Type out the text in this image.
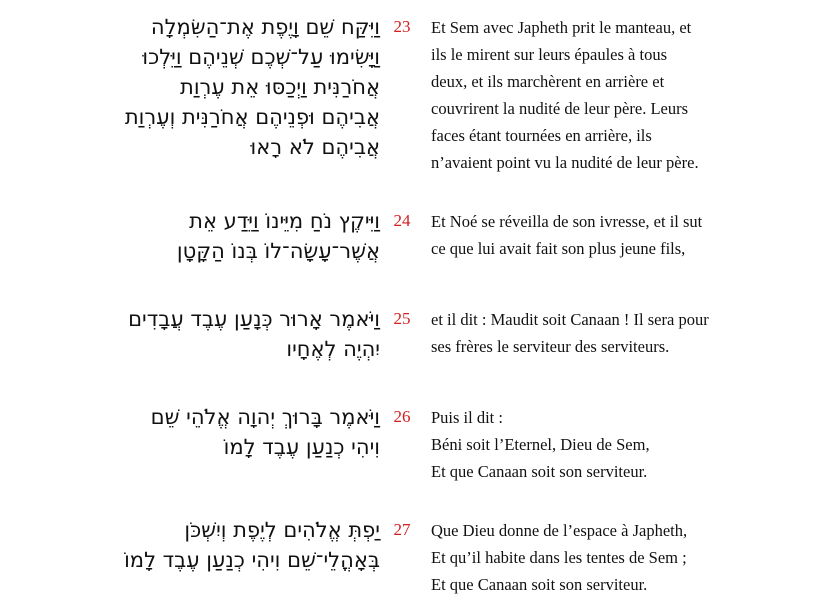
וַיִּקַּח שֵׁם וָיֶפֶת אֶת־הַשִּׂמְלָה
וַיָּשִׂימוּ עַל־שְׁכֶם שְׁנֵיהֶם וַיֵּלְכוּ
אֲחֹרַנִּית וַיְכַסּוּ אֵת עֶרְוַת
אֲבִיהֶם וּפְנֵיהֶם אֲחֹרַנִּית וְעֶרְוַת
אֲבִיהֶם לֹא רָאוּ
23	Et Sem avec Japheth prit le manteau, et
ils le mirent sur leurs épaules à tous
deux, et ils marchèrent en arrière et
couvrirent la nudité de leur père. Leurs
faces étant tournées en arrière, ils
n’avaient point vu la nudité de leur père.
וַיִּיקֶץ נֹחַ מִיֵּינוֹ וַיֵּדַע אֵת
אֲשֶׁר־עָשָׂה־לוֹ בְּנוֹ הַקָּטָן
24	Et Noé se réveilla de son ivresse, et il sut
ce que lui avait fait son plus jeune fils,
וַיֹּאמֶר אָרוּר כְּנָעַן עֶבֶד עֲבָדִים
יִהְיֶה לְאֶחָיו
25	et il dit : Maudit soit Canaan ! Il sera pour
ses frères le serviteur des serviteurs.
וַיֹּאמֶר בָּרוּךְ יְהוָה אֱלֹהֵי שֵׁם
וִיהִי כְנַעַן עֶבֶד לָמוֹ
26	Puis il dit :
Béni soit l’Eternel, Dieu de Sem,
Et que Canaan soit son serviteur.
יַפְתְּ אֱלֹהִים לְיֶפֶת וְיִשְׁכֹּן
בְּאָהֳלֵי־שֵׁם וִיהִי כְנַעַן עֶבֶד לָמוֹ
27	Que Dieu donne de l’espace à Japheth,
Et qu’il habite dans les tentes de Sem ;
Et que Canaan soit son serviteur.
